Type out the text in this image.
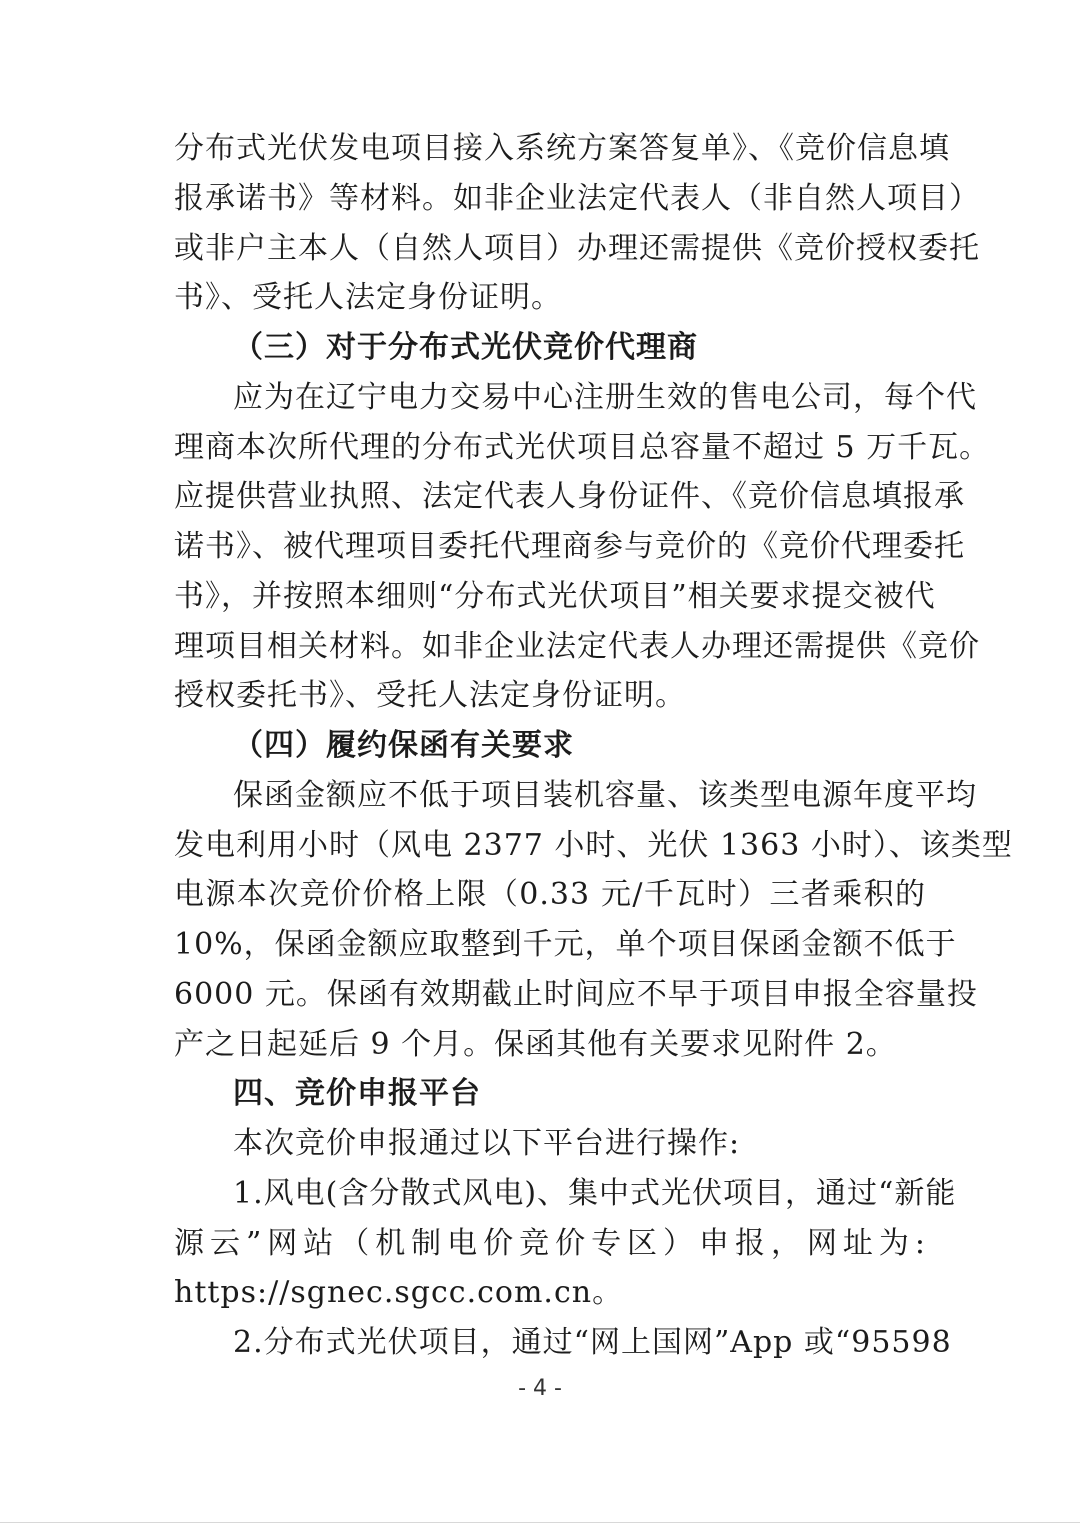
- 4 -
分布式光伏发电项目接入系统方案答复单》、《竞价信息填
报承诺书》等材料。如非企业法定代表人（非自然人项目）
或非户主本人（自然人项目）办理还需提供《竞价授权委托
书》、受托人法定身份证明。
（三）对于分布式光伏竞价代理商
应为在辽宁电力交易中心注册生效的售电公司，每个代
理商本次所代理的分布式光伏项目总容量不超过 5 万千瓦。
应提供营业执照、法定代表人身份证件、《竞价信息填报承
诺书》、被代理项目委托代理商参与竞价的《竞价代理委托
书》，并按照本细则“分布式光伏项目”相关要求提交被代
理项目相关材料。如非企业法定代表人办理还需提供《竞价
授权委托书》、受托人法定身份证明。
（四）履约保函有关要求
保函金额应不低于项目装机容量、该类型电源年度平均
发电利用小时（风电 2377 小时、光伏 1363 小时）、该类型
电源本次竞价价格上限（0.33 元/千瓦时）三者乘积的
10%，保函金额应取整到千元，单个项目保函金额不低于
6000 元。保函有效期截止时间应不早于项目申报全容量投
产之日起延后 9 个月。保函其他有关要求见附件 2。
四、竞价申报平台
本次竞价申报通过以下平台进行操作:
1.风电(含分散式风电)、集中式光伏项目，通过“新能
源云”网站（机制电价竞价专区）申报，网址为:
https://sgnec.sgcc.com.cn。
2.分布式光伏项目，通过“网上国网”App 或“95598
